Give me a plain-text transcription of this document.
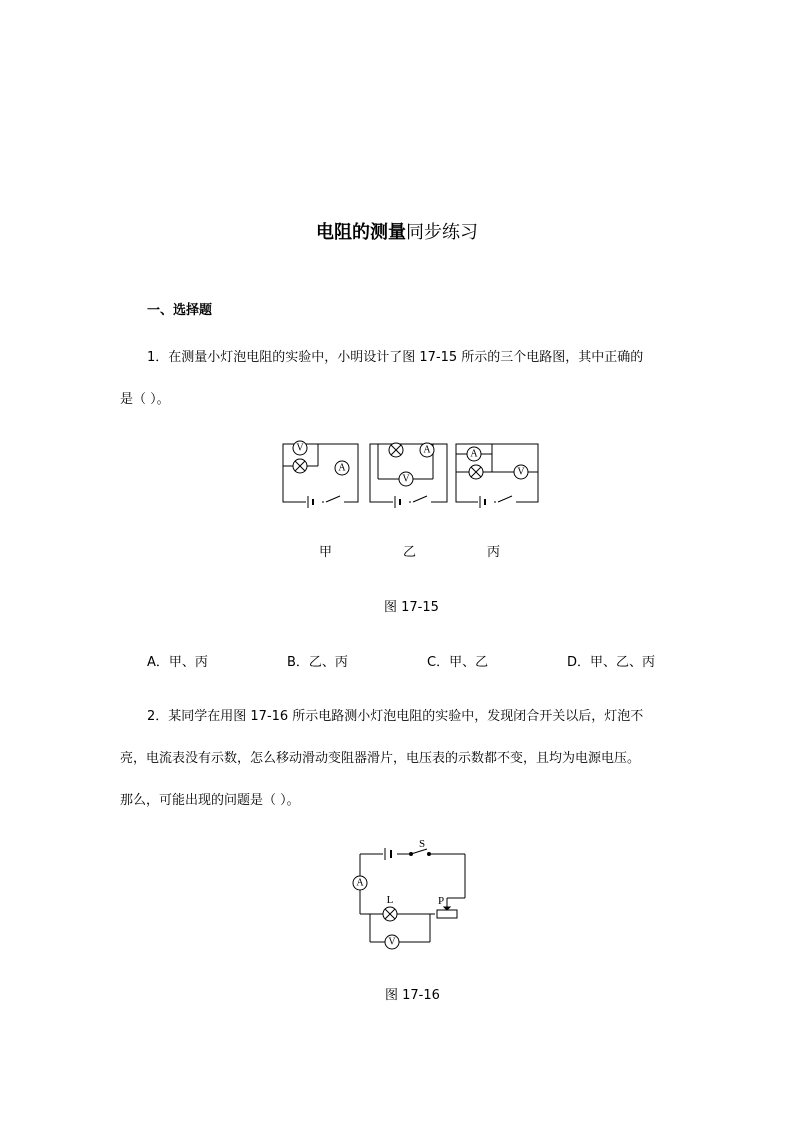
电阻的测量同步练习
一、选择题
1．在测量小灯泡电阻的实验中，小明设计了图 17-15 所示的三个电路图，其中正确的
是（ ）。
V
A
A
V
A
V
甲	乙	丙
图 17-15
A．甲、丙	B．乙、丙	C．甲、乙	D．甲、乙、丙
2．某同学在用图 17-16 所示电路测小灯泡电阻的实验中，发现闭合开关以后，灯泡不
亮，电流表没有示数，怎么移动滑动变阻器滑片，电压表的示数都不变，且均为电源电压。
那么，可能出现的问题是（ ）。
A
V
S
L	P
图 17-16
